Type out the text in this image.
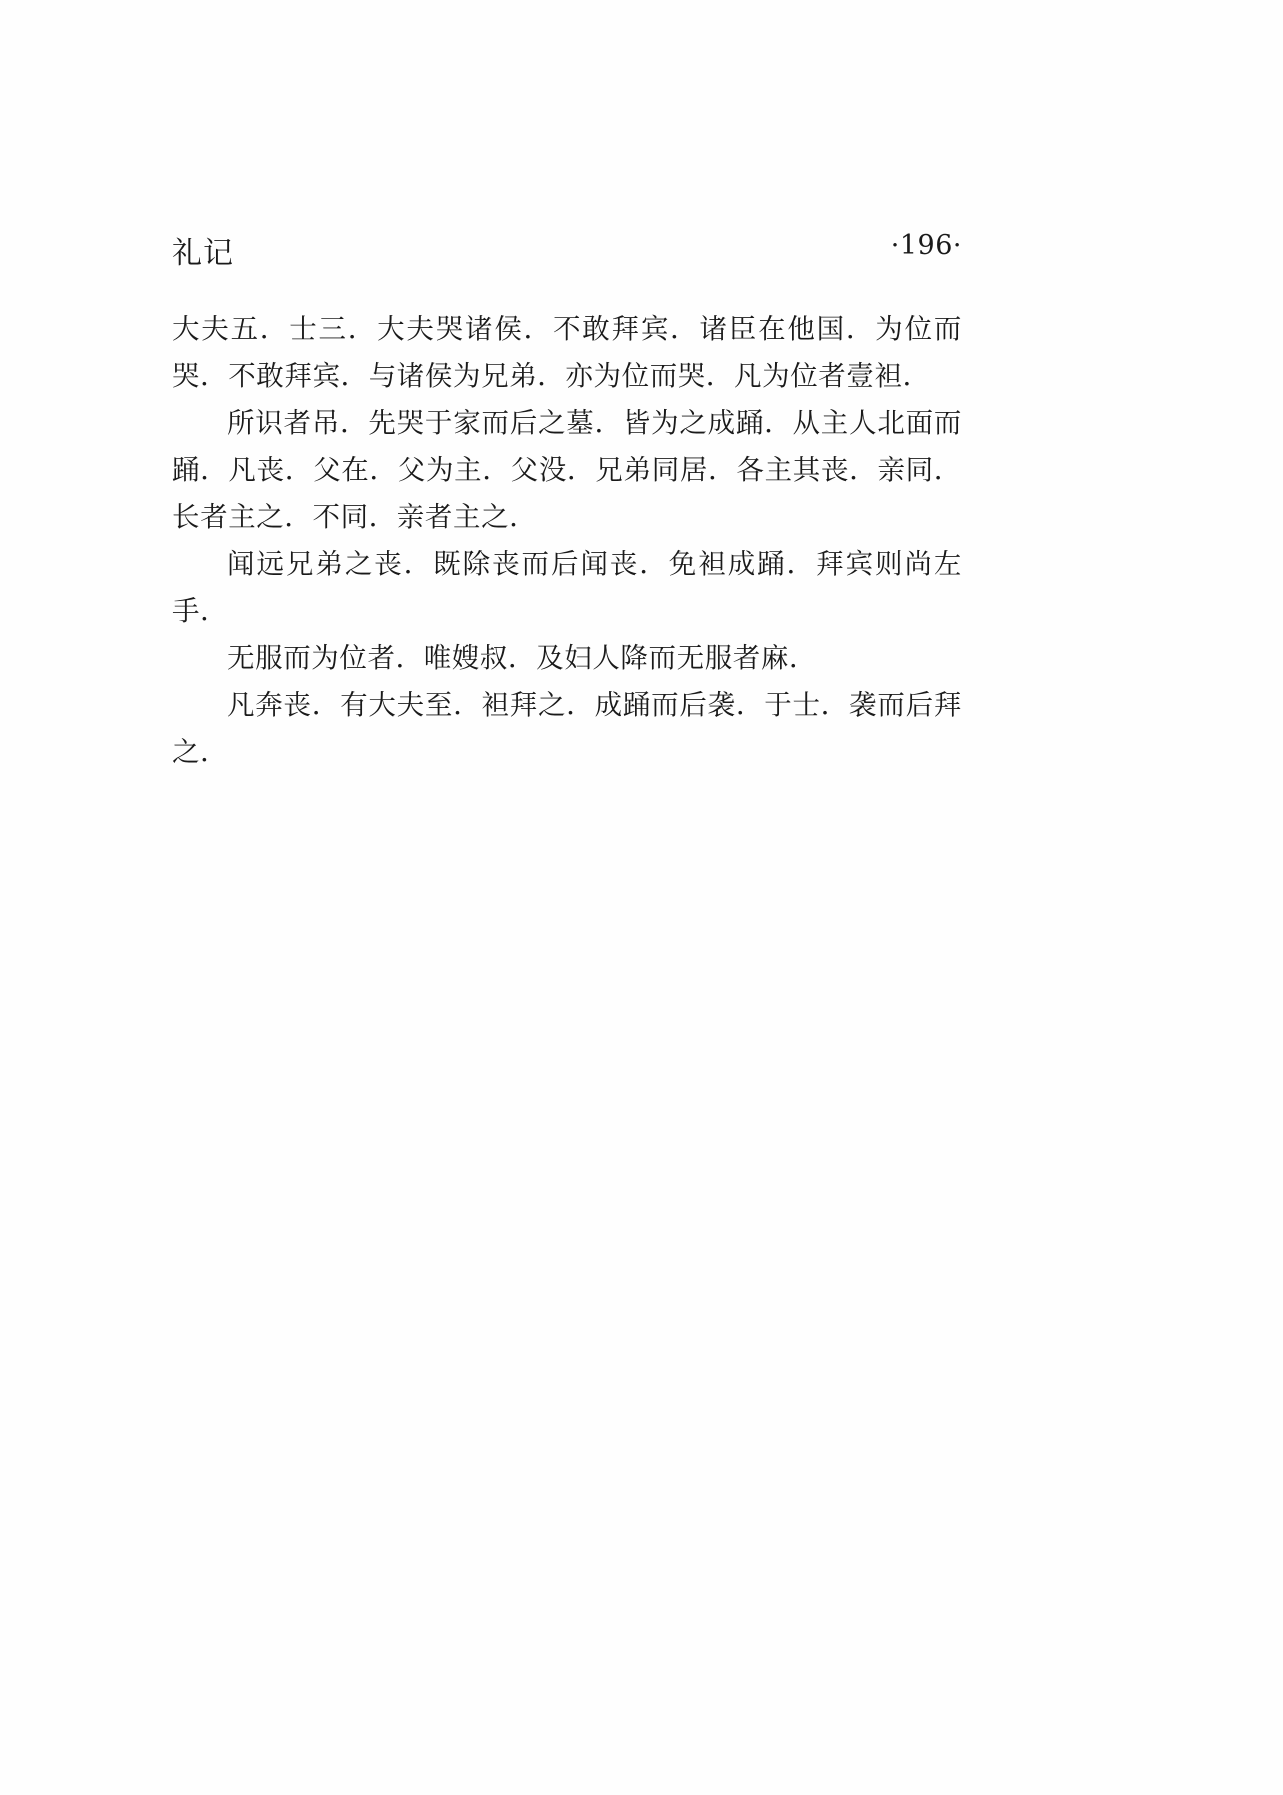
礼记	·196·

大夫五．士三．大夫哭诸侯．不敢拜宾．诸臣在他国．为位而哭．不敢拜宾．与诸侯为兄弟．亦为位而哭．凡为位者壹袒．

所识者吊．先哭于家而后之墓．皆为之成踊．从主人北面而踊．凡丧．父在．父为主．父没．兄弟同居．各主其丧．亲同．长者主之．不同．亲者主之．

闻远兄弟之丧．既除丧而后闻丧．免袒成踊．拜宾则尚左手．

无服而为位者．唯嫂叔．及妇人降而无服者麻．

凡奔丧．有大夫至．袒拜之．成踊而后袭．于士．袭而后拜之．
